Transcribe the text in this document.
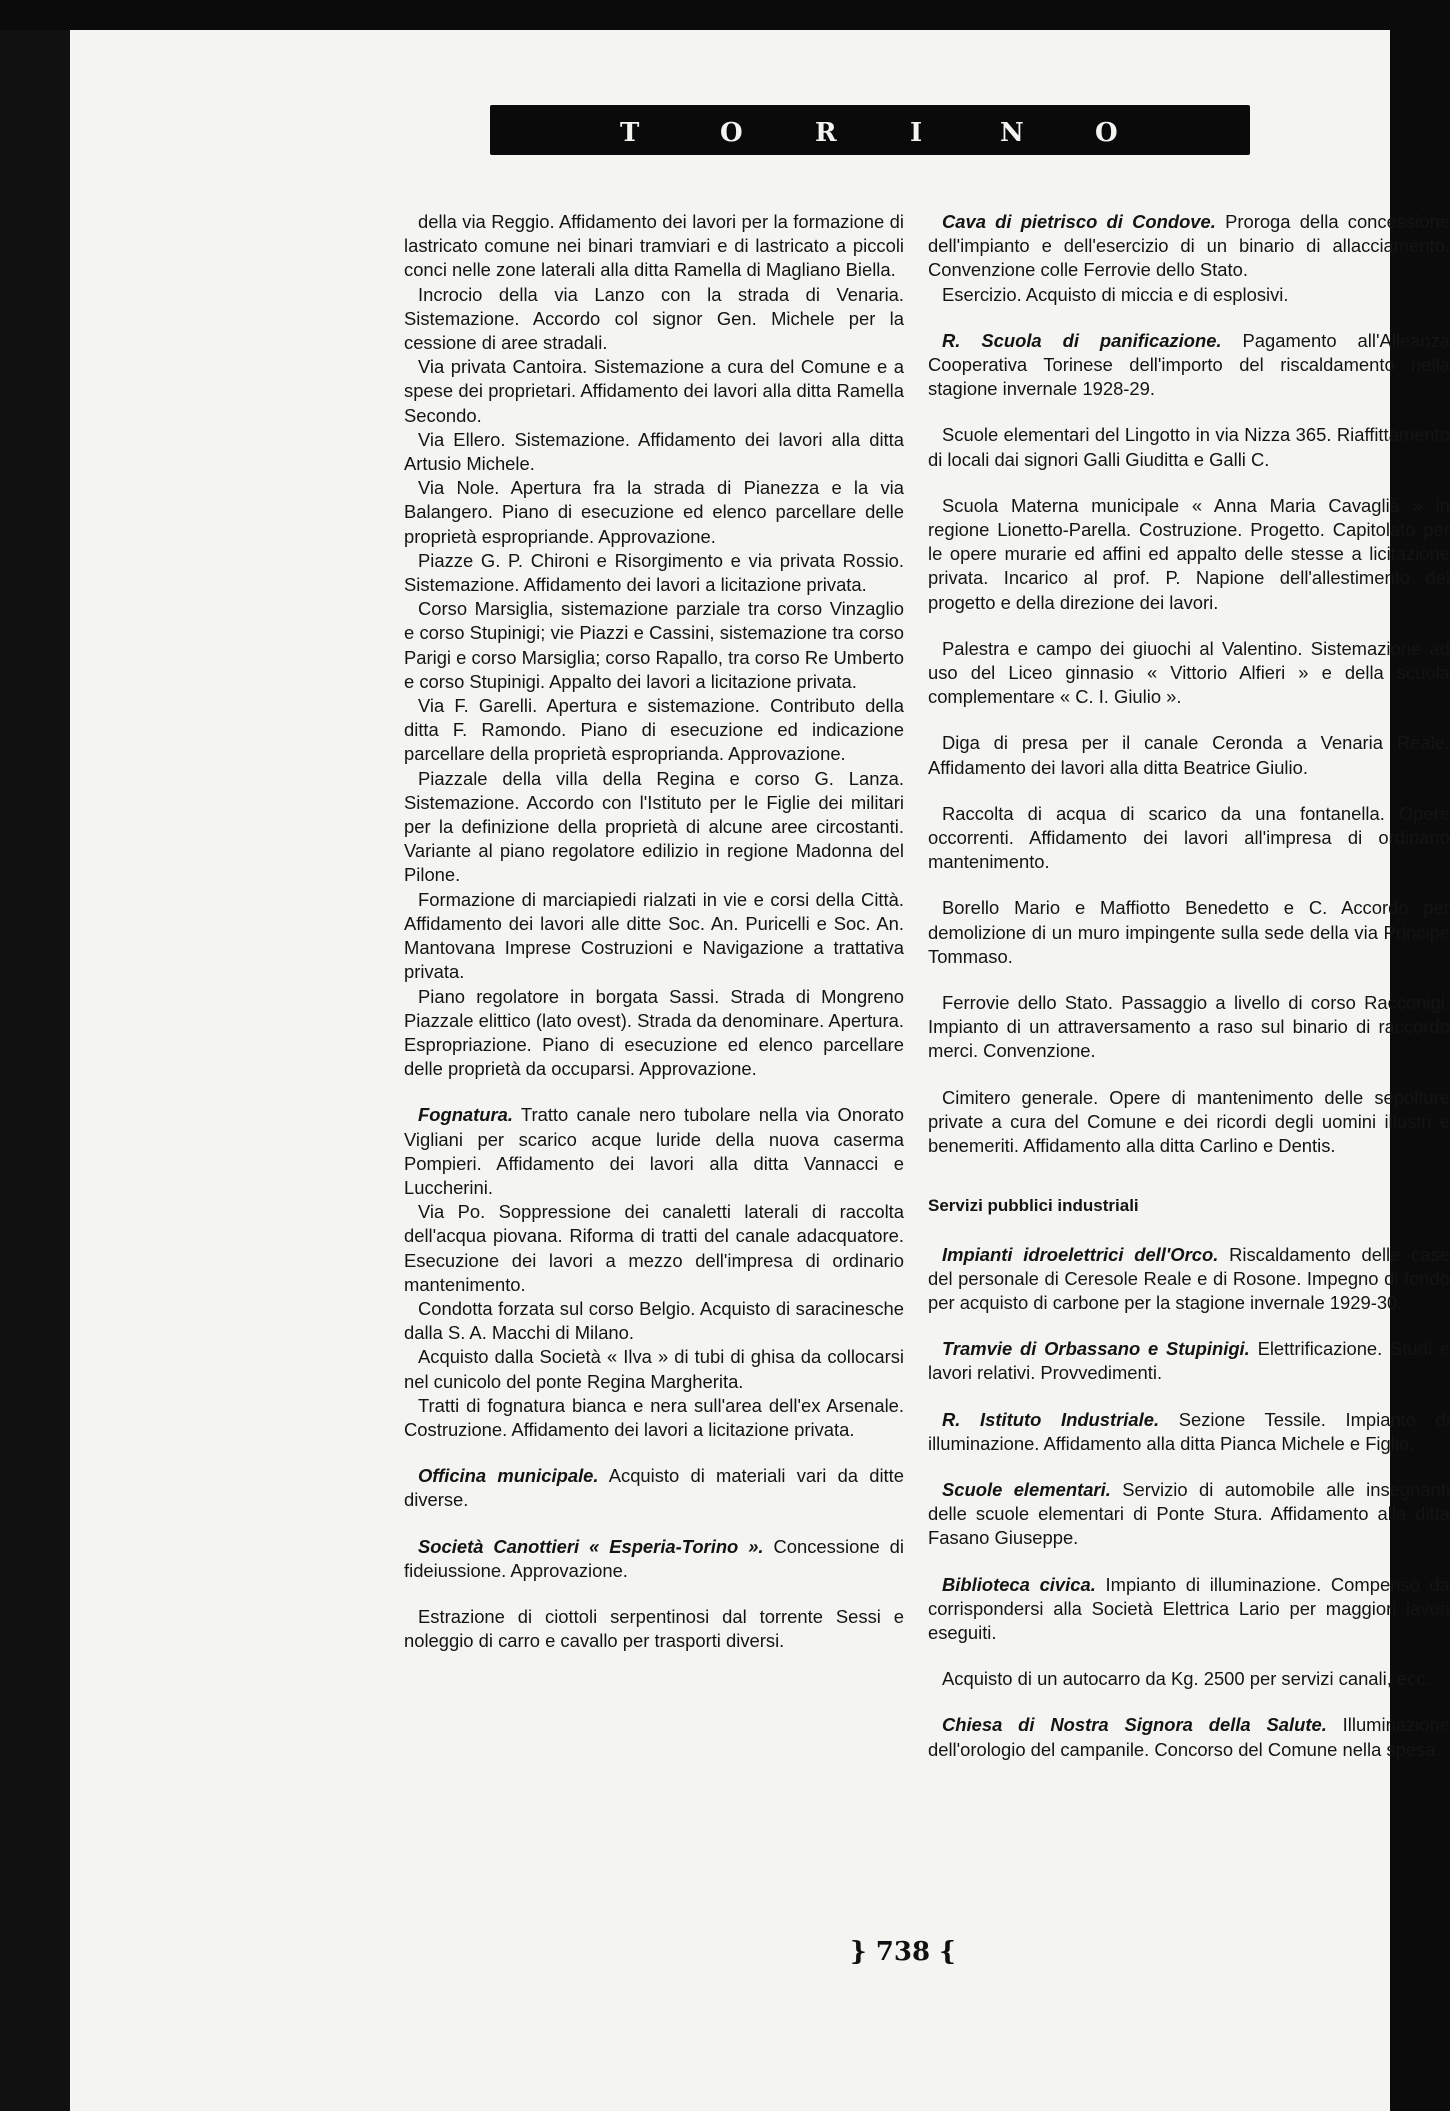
T	O	R	I	N	O

della via Reggio. Affidamento dei lavori per la formazione di lastricato comune nei binari tramviari e di lastricato a piccoli conci nelle zone laterali alla ditta Ramella di Magliano Biella.

Incrocio della via Lanzo con la strada di Venaria. Sistemazione. Accordo col signor Gen. Michele per la cessione di aree stradali.

Via privata Cantoira. Sistemazione a cura del Comune e a spese dei proprietari. Affidamento dei lavori alla ditta Ramella Secondo.

Via Ellero. Sistemazione. Affidamento dei lavori alla ditta Artusio Michele.

Via Nole. Apertura fra la strada di Pianezza e la via Balangero. Piano di esecuzione ed elenco parcellare delle proprietà espropriande. Approvazione.

Piazze G. P. Chironi e Risorgimento e via privata Rossio. Sistemazione. Affidamento dei lavori a licitazione privata.

Corso Marsiglia, sistemazione parziale tra corso Vinzaglio e corso Stupinigi; vie Piazzi e Cassini, sistemazione tra corso Parigi e corso Marsiglia; corso Rapallo, tra corso Re Umberto e corso Stupinigi. Appalto dei lavori a licitazione privata.

Via F. Garelli. Apertura e sistemazione. Contributo della ditta F. Ramondo. Piano di esecuzione ed indicazione parcellare della proprietà esproprianda. Approvazione.

Piazzale della villa della Regina e corso G. Lanza. Sistemazione. Accordo con l'Istituto per le Figlie dei militari per la definizione della proprietà di alcune aree circostanti. Variante al piano regolatore edilizio in regione Madonna del Pilone.

Formazione di marciapiedi rialzati in vie e corsi della Città. Affidamento dei lavori alle ditte Soc. An. Puricelli e Soc. An. Mantovana Imprese Costruzioni e Navigazione a trattativa privata.

Piano regolatore in borgata Sassi. Strada di Mongreno Piazzale elittico (lato ovest). Strada da denominare. Apertura. Espropriazione. Piano di esecuzione ed elenco parcellare delle proprietà da occuparsi. Approvazione.

Fognatura. Tratto canale nero tubolare nella via Onorato Vigliani per scarico acque luride della nuova caserma Pompieri. Affidamento dei lavori alla ditta Vannacci e Luccherini.

Via Po. Soppressione dei canaletti laterali di raccolta dell'acqua piovana. Riforma di tratti del canale adacquatore. Esecuzione dei lavori a mezzo dell'impresa di ordinario mantenimento.

Condotta forzata sul corso Belgio. Acquisto di saracinesche dalla S. A. Macchi di Milano.

Acquisto dalla Società « Ilva » di tubi di ghisa da collocarsi nel cunicolo del ponte Regina Margherita.

Tratti di fognatura bianca e nera sull'area dell'ex Arsenale. Costruzione. Affidamento dei lavori a licitazione privata.

Officina municipale. Acquisto di materiali vari da ditte diverse.

Società Canottieri « Esperia-Torino ». Concessione di fideiussione. Approvazione.

Estrazione di ciottoli serpentinosi dal torrente Sessi e noleggio di carro e cavallo per trasporti diversi.

Cava di pietrisco di Condove. Proroga della concessione dell'impianto e dell'esercizio di un binario di allacciamento. Convenzione colle Ferrovie dello Stato.

Esercizio. Acquisto di miccia e di esplosivi.

R. Scuola di panificazione. Pagamento all'Alleanza Cooperativa Torinese dell'importo del riscaldamento nella stagione invernale 1928-29.

Scuole elementari del Lingotto in via Nizza 365. Riaffittamento di locali dai signori Galli Giuditta e Galli C.

Scuola Materna municipale « Anna Maria Cavaglià » in regione Lionetto-Parella. Costruzione. Progetto. Capitolato per le opere murarie ed affini ed appalto delle stesse a licitazione privata. Incarico al prof. P. Napione dell'allestimento del progetto e della direzione dei lavori.

Palestra e campo dei giuochi al Valentino. Sistemazione ad uso del Liceo ginnasio « Vittorio Alfieri » e della scuola complementare « C. I. Giulio ».

Diga di presa per il canale Ceronda a Venaria Reale. Affidamento dei lavori alla ditta Beatrice Giulio.

Raccolta di acqua di scarico da una fontanella. Opere occorrenti. Affidamento dei lavori all'impresa di ordinario mantenimento.

Borello Mario e Maffiotto Benedetto e C. Accordo per demolizione di un muro impingente sulla sede della via Principe Tommaso.

Ferrovie dello Stato. Passaggio a livello di corso Racconigi. Impianto di un attraversamento a raso sul binario di raccordo merci. Convenzione.

Cimitero generale. Opere di mantenimento delle sepolture private a cura del Comune e dei ricordi degli uomini illustri e benemeriti. Affidamento alla ditta Carlino e Dentis.

Servizi pubblici industriali

Impianti idroelettrici dell'Orco. Riscaldamento delle case del personale di Ceresole Reale e di Rosone. Impegno di fondo per acquisto di carbone per la stagione invernale 1929-30.

Tramvie di Orbassano e Stupinigi. Elettrificazione. Studi e lavori relativi. Provvedimenti.

R. Istituto Industriale. Sezione Tessile. Impianto di illuminazione. Affidamento alla ditta Pianca Michele e Figlio.

Scuole elementari. Servizio di automobile alle insegnanti delle scuole elementari di Ponte Stura. Affidamento alla ditta Fasano Giuseppe.

Biblioteca civica. Impianto di illuminazione. Compenso da corrispondersi alla Società Elettrica Lario per maggiori lavori eseguiti.

Acquisto di un autocarro da Kg. 2500 per servizi canali, ecc.

Chiesa di Nostra Signora della Salute. Illuminazione dell'orologio del campanile. Concorso del Comune nella spesa.

} 738 {
